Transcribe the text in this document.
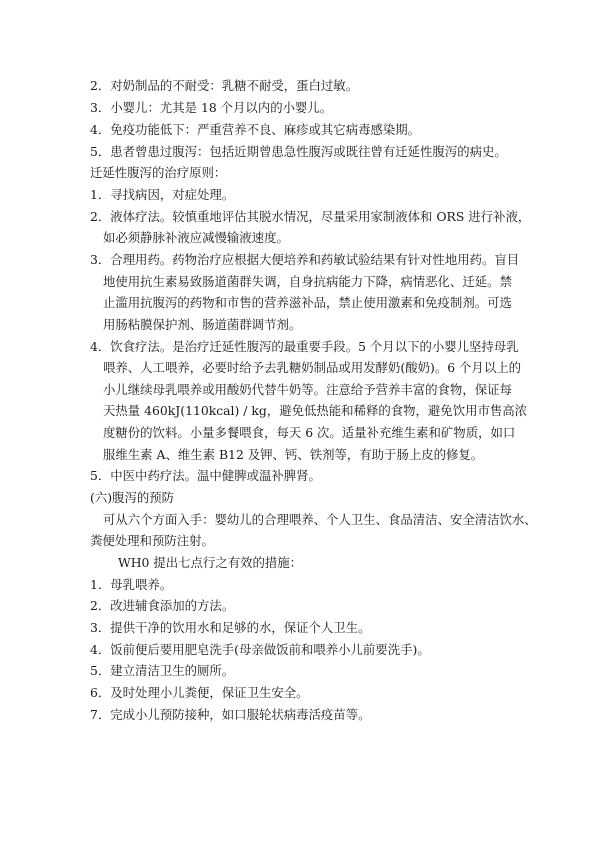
2．对奶制品的不耐受：乳糖不耐受，蛋白过敏。
3．小婴儿：尤其是 18 个月以内的小婴儿。
4．免疫功能低下：严重营养不良、麻疹或其它病毒感染期。
5．患者曾患过腹泻：包括近期曾患急性腹泻或既往曾有迁延性腹泻的病史。
迁延性腹泻的治疗原则：
1．寻找病因，对症处理。
2．液体疗法。较慎重地评估其脱水情况，尽量采用家制液体和 ORS 进行补液，
如必须静脉补液应减慢输液速度。
3．合理用药。药物治疗应根据大便培养和药敏试验结果有针对性地用药。盲目
地使用抗生素易致肠道菌群失调，自身抗病能力下降，病情恶化、迁延。禁
止滥用抗腹泻的药物和市售的营养滋补品，禁止使用激素和免疫制剂。可选
用肠粘膜保护剂、肠道菌群调节剂。
4．饮食疗法。是治疗迁延性腹泻的最重要手段。5 个月以下的小婴儿坚持母乳
喂养、人工喂养，必要时给予去乳糖奶制品或用发酵奶(酸奶)。6 个月以上的
小儿继续母乳喂养或用酸奶代替牛奶等。注意给予营养丰富的食物，保证每
天热量 460kJ(110kcal) / kg，避免低热能和稀释的食物，避免饮用市售高浓
度糖份的饮料。小量多餐喂食，每天 6 次。适量补充维生素和矿物质，如口
服维生素 A、维生素 B12 及钾、钙、铁剂等，有助于肠上皮的修复。
5．中医中药疗法。温中健脾或温补脾肾。
(六)腹泻的预防
可从六个方面入手：婴幼儿的合理喂养、个人卫生、食品清洁、安全清洁饮水、
粪便处理和预防注射。
WH0 提出七点行之有效的措施：
1．母乳喂养。
2．改进辅食添加的方法。
3．提供干净的饮用水和足够的水，保证个人卫生。
4．饭前便后要用肥皂洗手(母亲做饭前和喂养小儿前要洗手)。
5．建立清洁卫生的厕所。
6．及时处理小儿粪便，保证卫生安全。
7．完成小儿预防接种，如口服轮状病毒活疫苗等。
